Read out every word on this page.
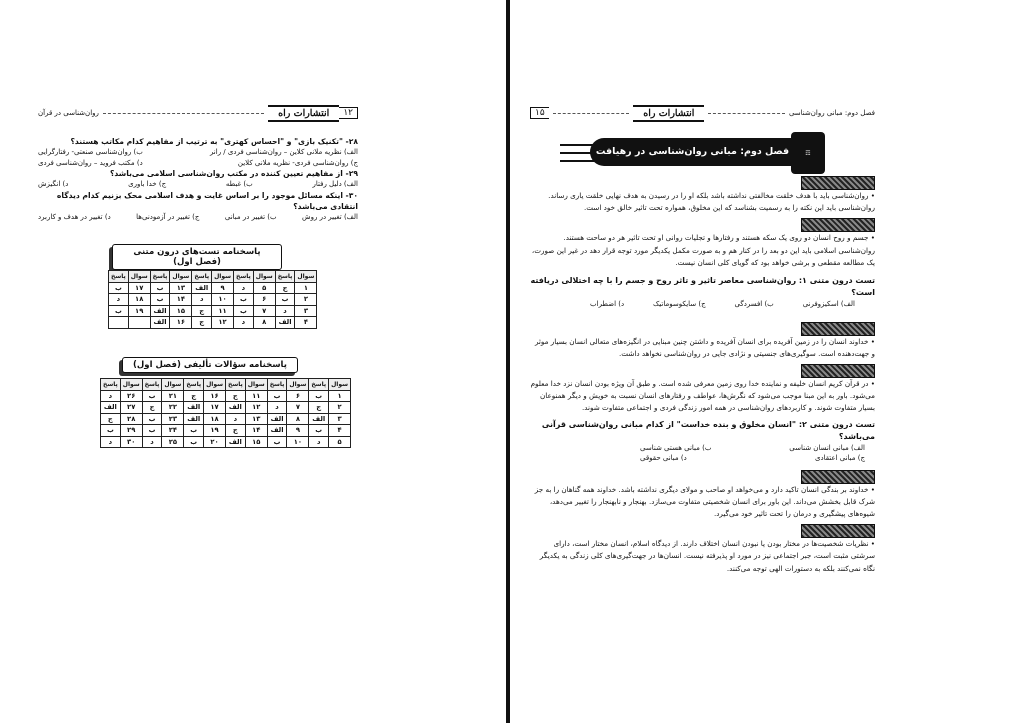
۱۲
انتشارات راه
روان‌شناسی در قرآن
۲۸- "تکنیک بازی" و "احساس کهتری" به ترتیب از مفاهیم کدام مکاتب هستند؟
الف) نظریه ملانی کلاین – روان‌شناسی فردی / رانر
ب) روان‌شناسی صنعتی- رفتارگرایی
ج) روان‌شناسی فردی- نظریه ملانی کلاین
د) مکتب فروید – روان‌شناسی فردی
۲۹- از مفاهیم تعیین کننده در مکتب روان‌شناسی اسلامی می‌باشد؟
الف) دلیل رفتار
ب) غبطه
ج) خدا باوری
د) انگیزش
۳۰- اینکه مسائل موجود را بر اساس غایت و هدف اسلامی محک بزنیم کدام دیدگاه انتقادی می‌باشد؟
الف) تغییر در روش
ب) تغییر در مبانی
ج) تغییر در آزمودنی‌ها
د) تغییر در هدف و کاربرد
پاسخنامه تست‌های درون متنی (فصل اول)
سوال	پاسخ	سوال	پاسخ	سوال	پاسخ	سوال	پاسخ	سوال	پاسخ
۱	ج	۵	د	۹	الف	۱۳	ب	۱۷	ب
۲	ب	۶	ب	۱۰	د	۱۴	ب	۱۸	د
۳	د	۷	ب	۱۱	ج	۱۵	الف	۱۹	ب
۴	الف	۸	د	۱۲	ج	۱۶	الف		
پاسخنامه سؤالات تألیفی (فصل اول)
سوال	پاسخ	سوال	پاسخ	سوال	پاسخ	سوال	پاسخ	سوال	پاسخ	سوال	پاسخ
۱	ب	۶	ب	۱۱	ج	۱۶	ج	۲۱	ب	۲۶	د
۲	ج	۷	د	۱۲	الف	۱۷	الف	۲۲	ج	۲۷	الف
۳	الف	۸	الف	۱۳	د	۱۸	الف	۲۳	ب	۲۸	ج
۴	ب	۹	الف	۱۴	ج	۱۹	ب	۲۴	ب	۲۹	ب
۵	د	۱۰	ب	۱۵	الف	۲۰	ب	۲۵	د	۳۰	د
فصل دوم: مبانی روان‌شناسی
انتشارات راه
۱۵
فصل دوم: مبانی روان‌شناسی در رهیافت قرآنی
☶
• روان‌شناسی باید با هدف خلقت مخالفتی نداشته باشد بلکه او را در رسیدن به هدف نهایی خلقت یاری رساند. روان‌شناسی باید این نکته را به رسمیت بشناسد که این مخلوق، همواره تحت تاثیر خالق خود است.
• جسم و روح انسان دو روی یک سکه هستند و رفتارها و تجلیات روانی او تحت تاثیر هر دو ساحت هستند. روان‌شناسی اسلامی باید این دو بعد را در کنار هم و به صورت مکمل یکدیگر مورد توجه قرار دهد در غیر این صورت، یک مطالعه مقطعی و برشی خواهد بود که گویای کلی انسان نیست.
تست درون متنی ۱: روان‌شناسی معاصر تاثیر و تاثر روح و جسم را با چه اختلالی دریافته است؟
الف) اسکیزوفرنی
ب) افسردگی
ج) سایکوسوماتیک
د) اضطراب
• خداوند انسان را در زمین آفریده برای انسان آفریده و داشتن چنین مبنایی در انگیزه‌های متعالی انسان بسیار موثر و جهت‌دهنده است. سوگیری‌های جنسیتی و نژادی جایی در روان‌شناسی نخواهد داشت.
• در قرآن کریم انسان خلیفه و نماینده خدا روی زمین معرفی شده است. و طبق آن ویژه بودن انسان نزد خدا معلوم می‌شود. باور به این مبنا موجب می‌شود که نگرش‌ها، عواطف و رفتارهای انسان نسبت به خویش و دیگر همنوعان بسیار متفاوت شوند. و کاربردهای روان‌شناسی در همه امور زندگی فردی و اجتماعی متفاوت شوند.
تست درون متنی ۲: "انسان مخلوق و بنده خداست" از کدام مبانی روان‌شناسی قرآنی می‌باشد؟
الف) مبانی انسان شناسی
ب) مبانی هستی شناسی
ج) مبانی اعتقادی
د) مبانی حقوقی
• خداوند بر بندگی انسان تاکید دارد و می‌خواهد او صاحب و مولای دیگری نداشته باشد. خداوند همه گناهان را به جز شرک قابل بخشش می‌داند. این باور برای انسان شخصیتی متفاوت می‌سازد. بهنجار و نابهنجار را تغییر می‌دهد، شیوه‌های پیشگیری و درمان را تحت تاثیر خود می‌گیرد.
• نظریات شخصیت‌ها در مختار بودن یا نبودن انسان اختلاف دارند. از دیدگاه اسلام، انسان مختار است، دارای سرشتی مثبت است، جبر اجتماعی نیز در مورد او پذیرفته نیست. انسان‌ها در جهت‌گیری‌های کلی زندگی به یکدیگر نگاه نمی‌کنند بلکه به دستورات الهی توجه می‌کنند.
